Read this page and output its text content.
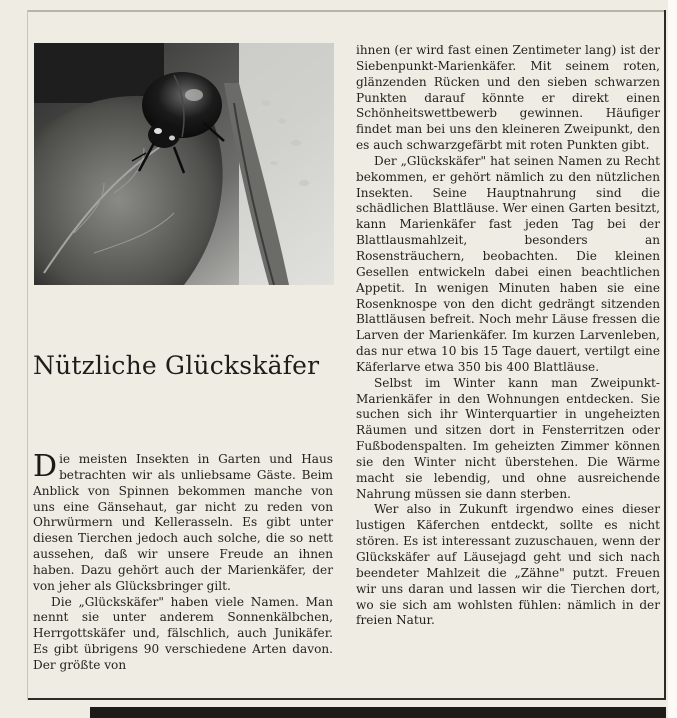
Nützliche Glückskäfer

Die meisten Insekten in Garten und Haus betrachten wir als unliebsame Gäste. Beim Anblick von Spinnen bekommen manche von uns eine Gänsehaut, gar nicht zu reden von Ohrwürmern und Kellerasseln. Es gibt unter diesen Tierchen jedoch auch solche, die so nett aussehen, daß wir unsere Freude an ihnen haben. Dazu gehört auch der Marienkäfer, der von jeher als Glücksbringer gilt.

Die „Glückskäfer" haben viele Namen. Man nennt sie unter anderem Sonnenkälbchen, Herrgottskäfer und, fälschlich, auch Junikäfer. Es gibt übrigens 90 verschiedene Arten davon. Der größte von

ihnen (er wird fast einen Zentimeter lang) ist der Siebenpunkt-Marienkäfer. Mit seinem roten, glänzenden Rücken und den sieben schwarzen Punkten darauf könnte er direkt einen Schönheitswettbewerb gewinnen. Häufiger findet man bei uns den kleineren Zweipunkt, den es auch schwarzgefärbt mit roten Punkten gibt.

Der „Glückskäfer" hat seinen Namen zu Recht bekommen, er gehört nämlich zu den nützlichen Insekten. Seine Hauptnahrung sind die schädlichen Blattläuse. Wer einen Garten besitzt, kann Marienkäfer fast jeden Tag bei der Blattlausmahlzeit, besonders an Rosensträuchern, beobachten. Die kleinen Gesellen entwickeln dabei einen beachtlichen Appetit. In wenigen Minuten haben sie eine Rosenknospe von den dicht gedrängt sitzenden Blattläusen befreit. Noch mehr Läuse fressen die Larven der Marienkäfer. Im kurzen Larvenleben, das nur etwa 10 bis 15 Tage dauert, vertilgt eine Käferlarve etwa 350 bis 400 Blattläuse.

Selbst im Winter kann man Zweipunkt-Marienkäfer in den Wohnungen entdecken. Sie suchen sich ihr Winterquartier in ungeheizten Räumen und sitzen dort in Fensterritzen oder Fußbodenspalten. Im geheizten Zimmer können sie den Winter nicht überstehen. Die Wärme macht sie lebendig, und ohne ausreichende Nahrung müssen sie dann sterben.

Wer also in Zukunft irgendwo eines dieser lustigen Käferchen entdeckt, sollte es nicht stören. Es ist interessant zuzuschauen, wenn der Glückskäfer auf Läusejagd geht und sich nach beendeter Mahlzeit die „Zähne" putzt. Freuen wir uns daran und lassen wir die Tierchen dort, wo sie sich am wohlsten fühlen: nämlich in der freien Natur.
